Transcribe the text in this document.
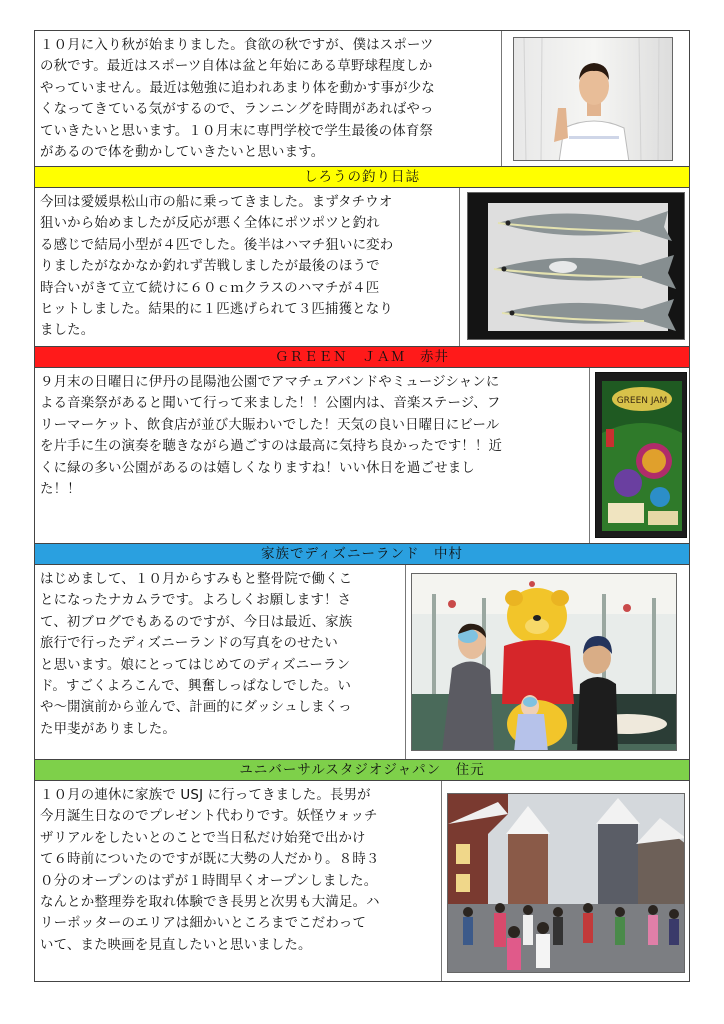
１０月に入り秋が始まりました。食欲の秋ですが、僕はスポーツ
の秋です。最近はスポーツ自体は盆と年始にある草野球程度しか
やっていません。最近は勉強に追われあまり体を動かす事が少な
くなってきている気がするので、ランニングを時間があればやっ
ていきたいと思います。１０月末に専門学校で学生最後の体育祭
があるので体を動かしていきたいと思います。
しろうの釣り日誌
今回は愛媛県松山市の船に乗ってきました。まずタチウオ
狙いから始めましたが反応が悪く全体にポツポツと釣れ
る感じで結局小型が４匹でした。後半はハマチ狙いに変わ
りましたがなかなか釣れず苦戦しましたが最後のほうで
時合いがきて立て続けに６０ｃｍクラスのハマチが４匹
ヒットしました。結果的に１匹逃げられて３匹捕獲となり
ました。
ＧＲＥＥＮ　ＪＡＭ　赤井
９月末の日曜日に伊丹の昆陽池公園でアマチュアバンドやミュージシャンに
よる音楽祭があると聞いて行って来ました！！公園内は、音楽ステージ、フ
リーマーケット、飲食店が並び大賑わいでした！天気の良い日曜日にビール
を片手に生の演奏を聴きながら過ごすのは最高に気持ち良かったです！！近
くに緑の多い公園があるのは嬉しくなりますね！いい休日を過ごせまし
た！！
GREEN JAM
家族でディズニーランド　中村
はじめまして、１０月からすみもと整骨院で働くこ
とになったナカムラです。よろしくお願します！さ
て、初ブログでもあるのですが、今日は最近、家族
旅行で行ったディズニーランドの写真をのせたい
と思います。娘にとってはじめてのディズニーラン
ド。すごくよろこんで、興奮しっぱなしでした。い
や～開演前から並んで、計画的にダッシュしまくっ
た甲斐がありました。
ユニバーサルスタジオジャパン　住元
１０月の連休に家族で USJ に行ってきました。長男が
今月誕生日なのでプレゼント代わりです。妖怪ウォッチ
ザリアルをしたいとのことで当日私だけ始発で出かけ
て６時前についたのですが既に大勢の人だかり。８時３
０分のオープンのはずが１時間早くオープンしました。
なんとか整理券を取れ体験でき長男と次男も大満足。ハ
リーポッターのエリアは細かいところまでこだわって
いて、また映画を見直したいと思いました。
